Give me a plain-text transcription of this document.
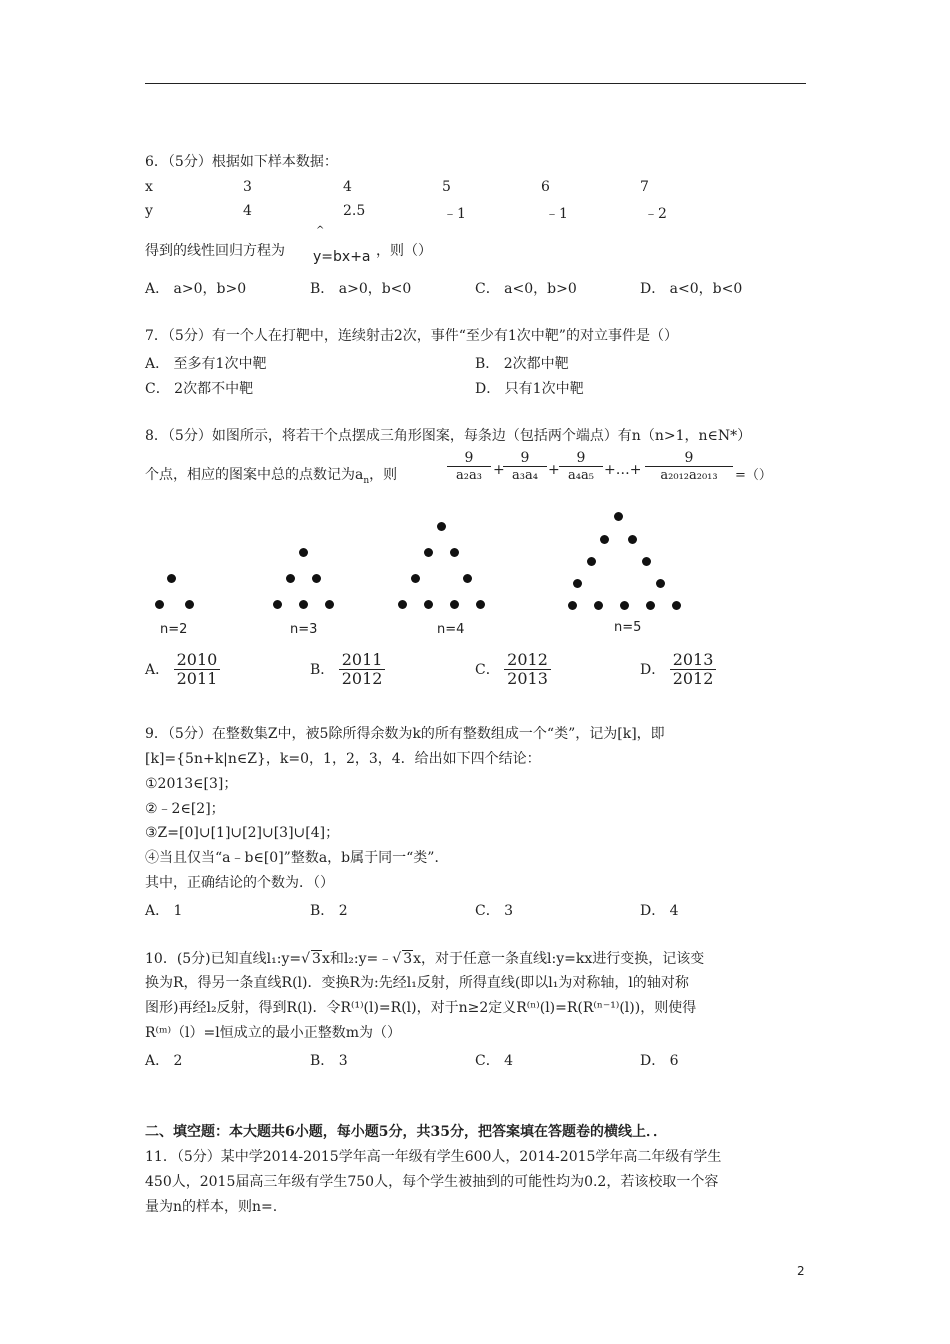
6．（5分）根据如下样本数据：
x	3	4	5	6	7
y	4	2.5	﹣1	﹣1	﹣2
得到的线性回归方程为
^
y=bx+a ，则（）
A． a>0，b>0	B． a>0，b<0	C． a<0，b>0	D． a<0，b<0
7．（5分）有一个人在打靶中，连续射击2次，事件“至少有1次中靶”的对立事件是（）
A． 至多有1次中靶	B． 2次都中靶
C． 2次都不中靶	D． 只有1次中靶
8．（5分）如图所示，将若干个点摆成三角形图案，每条边（包括两个端点）有n（n>1，n∈N*）
个点，相应的图案中总的点数记为$a_n$，则	$\frac{9}{\text{a₂a₃}}$ +
$\frac{9}{\text{a₃a₄}} + \frac{9}{\text{a₄a₅}}$ +…+ $\frac{9}{\text{a₂₀₁₂a₂₀₁₃}}$ =（）
n=2	n=3	n=4	n=5
A． $\frac{2010}{2011}$	B． $\frac{2011}{2012}$	C． $\frac{2012}{2013}$	D． $\frac{2013}{2012}$
9．（5分）在整数集Z中，被5除所得余数为k的所有整数组成一个“类”，记为[k]，即
[k]={5n+k|n∈Z}，k=0，1，2，3，4．给出如下四个结论：
①2013∈[3]；
②﹣2∈[2]；
③Z=[0]∪[1]∪[2]∪[3]∪[4]；
④当且仅当“a﹣b∈[0]”整数a，b属于同一“类”．
其中，正确结论的个数为．（）
A． 1	B． 2	C． 3	D． 4
10．(5分)已知直线l₁:y=√ 3x和l₂:y=﹣√ 3x，对于任意一条直线l:y=kx进行变换，记该变
换为R，得另一条直线R(l)．变换R为:先经l₁反射，所得直线(即以l₁为对称轴，l的轴对称
图形)再经l₂反射，得到R(l)．令R⁽¹⁾(l)=R(l)，对于n≥2定义R⁽ⁿ⁾(l)=R(R⁽ⁿ⁻¹⁾(l))，则使得
R⁽ᵐ⁾（l）=l恒成立的最小正整数m为（）
A． 2	B． 3	C． 4	D． 6
二、填空题：本大题共6小题，每小题5分，共35分，把答案填在答题卷的横线上．．
11．（5分）某中学2014-2015学年高一年级有学生600人，2014-2015学年高二年级有学生
450人，2015届高三年级有学生750人，每个学生被抽到的可能性均为0.2，若该校取一个容
量为n的样本，则n=.
2
